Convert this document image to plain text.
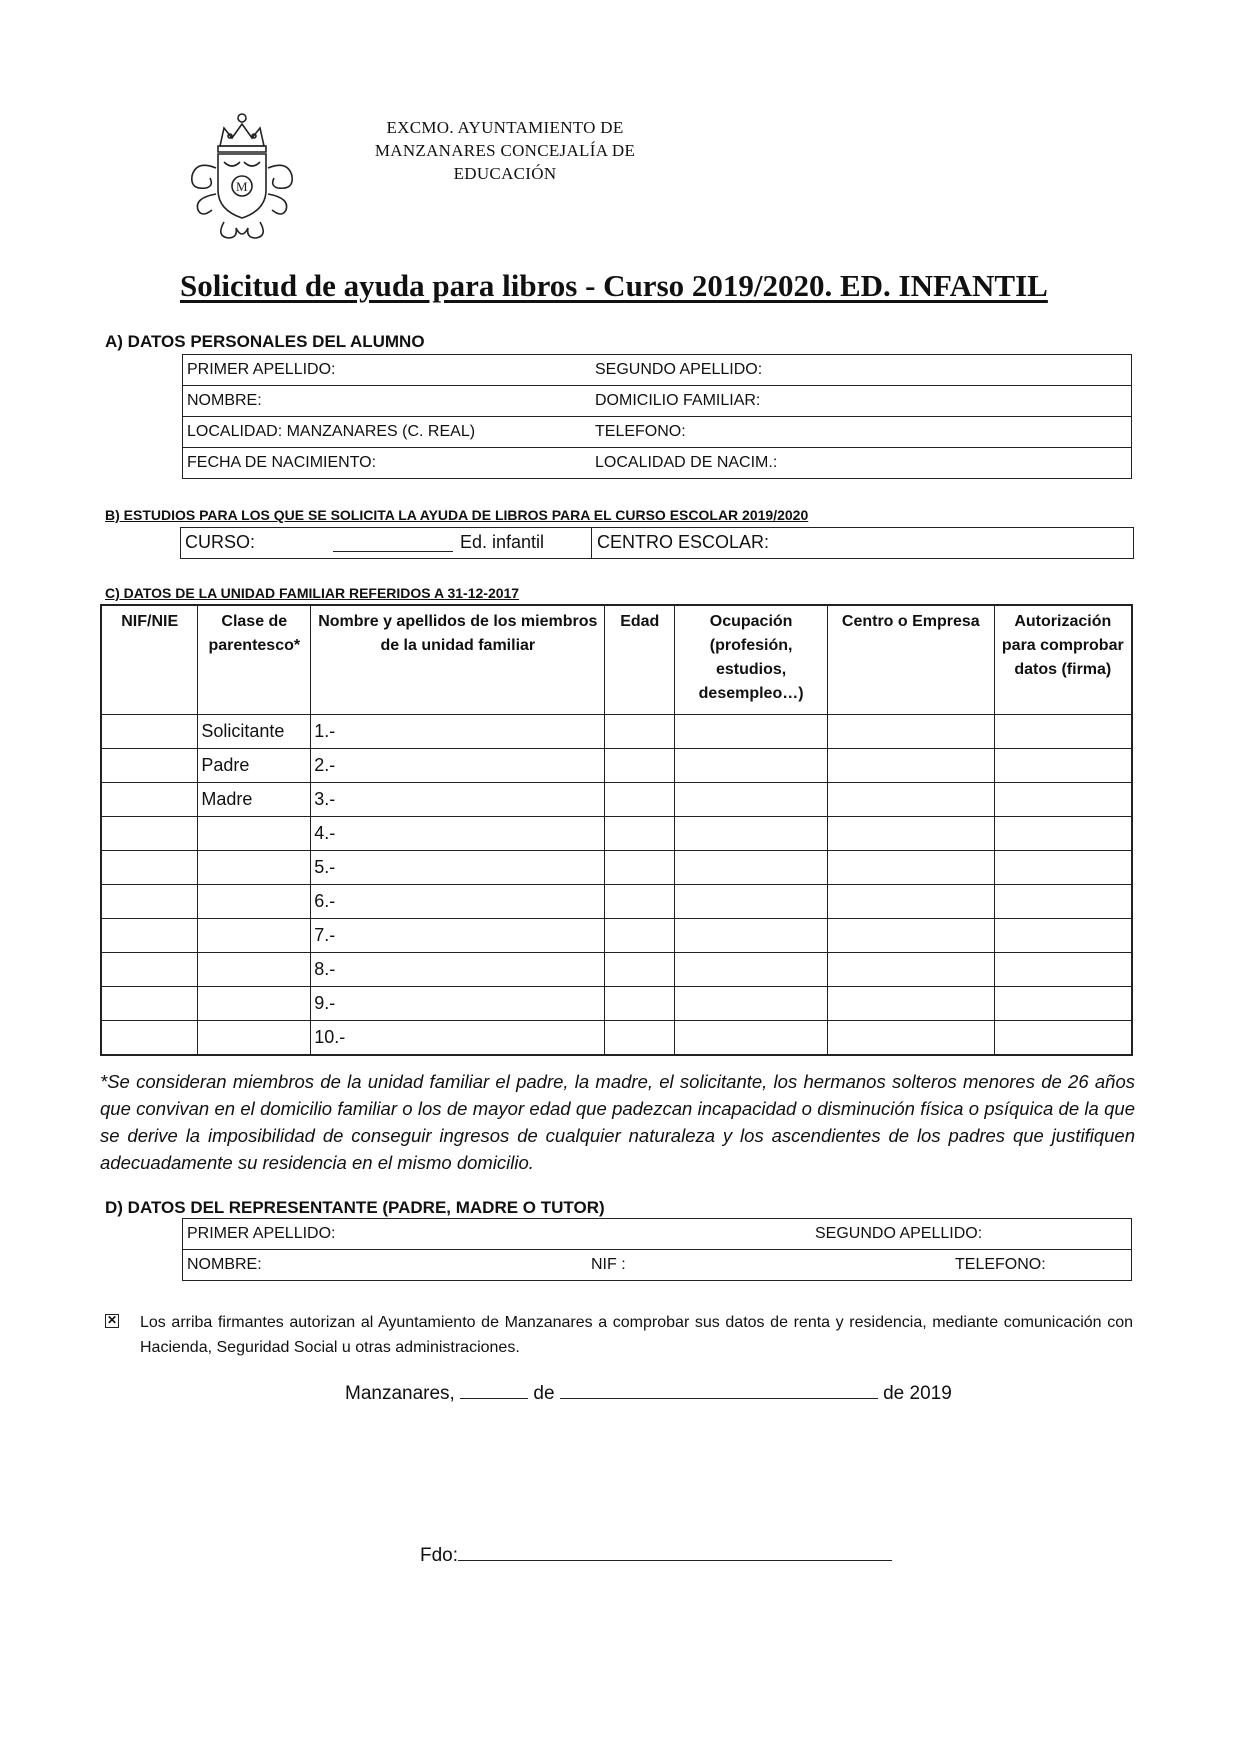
M
EXCMO. AYUNTAMIENTO DE
MANZANARES CONCEJALÍA DE
EDUCACIÓN
Solicitud de ayuda para libros - Curso 2019/2020. ED. INFANTIL
A) DATOS PERSONALES DEL ALUMNO
PRIMER APELLIDO:	SEGUNDO APELLIDO:
NOMBRE:	DOMICILIO FAMILIAR:
LOCALIDAD: MANZANARES (C. REAL)	TELEFONO:
FECHA DE NACIMIENTO:	LOCALIDAD DE NACIM.:
B) ESTUDIOS PARA LOS QUE SE SOLICITA LA AYUDA DE LIBROS PARA EL CURSO ESCOLAR 2019/2020
CURSO:	Ed. infantil	CENTRO ESCOLAR:
C) DATOS DE LA UNIDAD FAMILIAR REFERIDOS A 31-12-2017
NIF/NIE	Clase de parentesco*	Nombre y apellidos de los miembros de la unidad familiar	Edad	Ocupación (profesión, estudios, desempleo…)	Centro o Empresa	Autorización para comprobar datos (firma)
	Solicitante	1.-				
	Padre	2.-				
	Madre	3.-				
		4.-				
		5.-				
		6.-				
		7.-				
		8.-				
		9.-				
		10.-				
*Se consideran miembros de la unidad familiar el padre, la madre, el solicitante, los hermanos solteros menores de 26 años que convivan en el domicilio familiar o los de mayor edad que padezcan incapacidad o disminución física o psíquica de la que se derive la imposibilidad de conseguir ingresos de cualquier naturaleza y los ascendientes de los padres que justifiquen adecuadamente su residencia en el mismo domicilio.
D) DATOS DEL REPRESENTANTE (PADRE, MADRE O TUTOR)
PRIMER APELLIDO:		SEGUNDO APELLIDO:
NOMBRE:	NIF :	TELEFONO:
✕ Los arriba firmantes autorizan al Ayuntamiento de Manzanares a comprobar sus datos de renta y residencia, mediante comunicación con Hacienda, Seguridad Social u otras administraciones.
Manzanares,	de	de 2019
Fdo:
